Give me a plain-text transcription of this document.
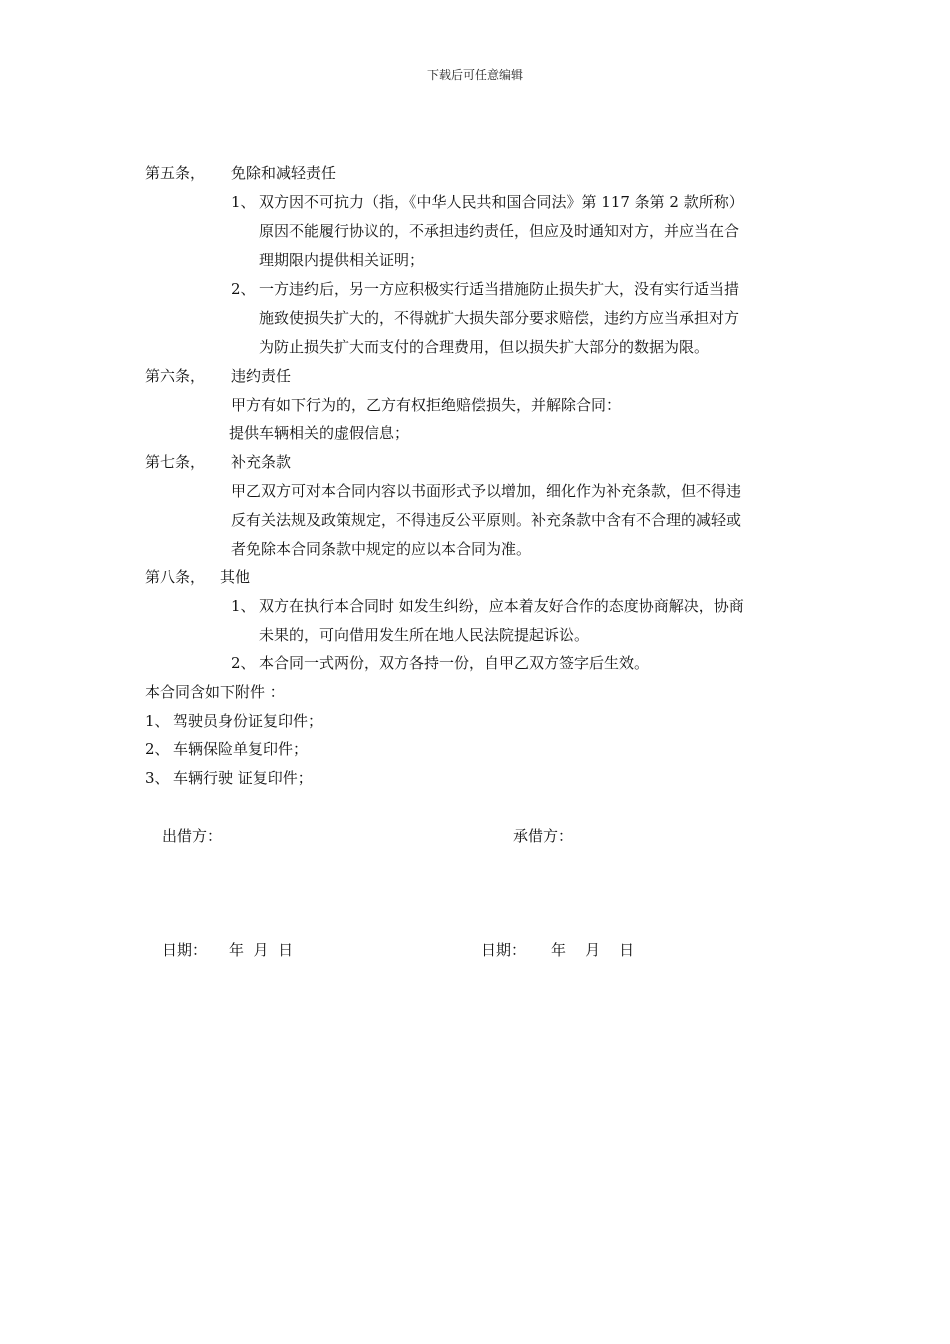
下载后可任意编辑
第五条， 免除和减轻责任
1、 双方因不可抗力（指，《中华人民共和国合同法》第 117 条第 2 款所称）
原因不能履行协议的，不承担违约责任，但应及时通知对方，并应当在合
理期限内提供相关证明；
2、 一方违约后，另一方应积极实行适当措施防止损失扩大，没有实行适当措
施致使损失扩大的，不得就扩大损失部分要求赔偿，违约方应当承担对方
为防止损失扩大而支付的合理费用，但以损失扩大部分的数据为限。
第六条， 违约责任
甲方有如下行为的，乙方有权拒绝赔偿损失，并解除合同：
提供车辆相关的虚假信息；
第七条， 补充条款
甲乙双方可对本合同内容以书面形式予以增加，细化作为补充条款，但不得违
反有关法规及政策规定，不得违反公平原则。补充条款中含有不合理的减轻或
者免除本合同条款中规定的应以本合同为准。
第八条， 其他
1、 双方在执行本合同时 如发生纠纷，应本着友好合作的态度协商解决，协商
未果的，可向借用发生所在地人民法院提起诉讼。
2、 本合同一式两份，双方各持一份，自甲乙双方签字后生效。
本合同含如下附件 ：
1、 驾驶员身份证复印件；
2、 车辆保险单复印件；
3、 车辆行驶 证复印件；
出借方：	承借方：
日期： 年  月  日	日期： 年    月    日
